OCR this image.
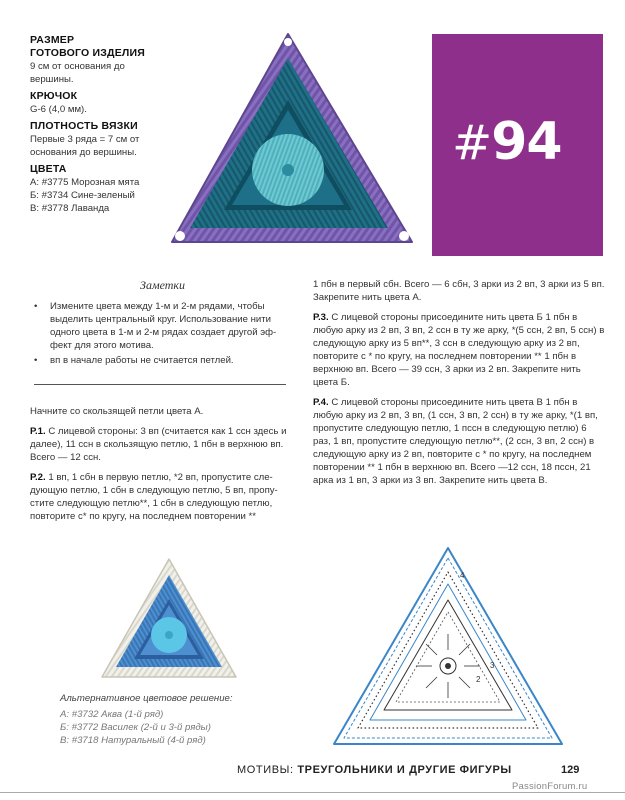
РАЗМЕР
ГОТОВОГО ИЗДЕЛИЯ
9 см от основания до
вершины.
КРЮЧОК
G-6 (4,0 мм).
ПЛОТНОСТЬ ВЯЗКИ
Первые 3 ряда = 7 см от
основания до вершины.
ЦВЕТА
А: #3775 Морозная мята
Б: #3734 Сине-зеленый
В: #3778 Лаванда
#94
Заметки
• Измените цвета между 1-м и 2-м рядами, чтобы выделить центральный круг. Использование нити одного цвета в 1-м и 2-м рядах создает другой эф-фект для этого мотива.
• вп в начале работы не считается петлей.
Начните со скользящей петли цвета А.
Р.1. С лицевой стороны: 3 вп (считается как 1 ссн здесь и далее), 11 ссн в скользящую петлю, 1 пбн в верхнюю вп. Всего — 12 ссн.
Р.2. 1 вп, 1 сбн в первую петлю, *2 вп, пропустите сле-дующую петлю, 1 сбн в следующую петлю, 5 вп, пропу-стите следующую петлю**, 1 сбн в следующую петлю, повторите с* по кругу, на последнем повторении **
1 пбн в первый сбн. Всего — 6 сбн, 3 арки из 2 вп, 3 арки из 5 вп. Закрепите нить цвета А.
Р.3. С лицевой стороны присоедините нить цвета Б 1 пбн в любую арку из 2 вп, 3 вп, 2 ссн в ту же арку, *(5 ссн, 2 вп, 5 ссн) в следующую арку из 5 вп**, 3 ссн в следующую арку из 2 вп, повторите с * по кругу, на последнем повторении ** 1 пбн в верхнюю вп. Всего — 39 ссн, 3 арки из 2 вп. Закрепите нить цвета Б.
Р.4. С лицевой стороны присоедините нить цвета В 1 пбн в любую арку из 2 вп, 3 вп, (1 ссн, 3 вп, 2 ссн) в ту же арку, *(1 вп, пропустите следующую петлю, 1 пссн в следующую петлю) 6 раз, 1 вп, пропустите следующую петлю**, (2 ссн, 3 вп, 2 ссн) в следующую арку из 2 вп, повторите с * по кругу, на последнем повторении ** 1 пбн в верхнюю вп. Всего —12 ссн, 18 пссн, 21 арка из 1 вп, 3 арки из 3 вп. Закрепите нить цвета В.
Альтернативное цветовое решение:
А: #3732 Аква (1-й ряд)
Б: #3772 Василек (2-й и 3-й ряды)
В: #3718 Натуральный (4-й ряд)
2
3
4
МОТИВЫ: ТРЕУГОЛЬНИКИ И ДРУГИЕ ФИГУРЫ	129
PassionForum.ru
